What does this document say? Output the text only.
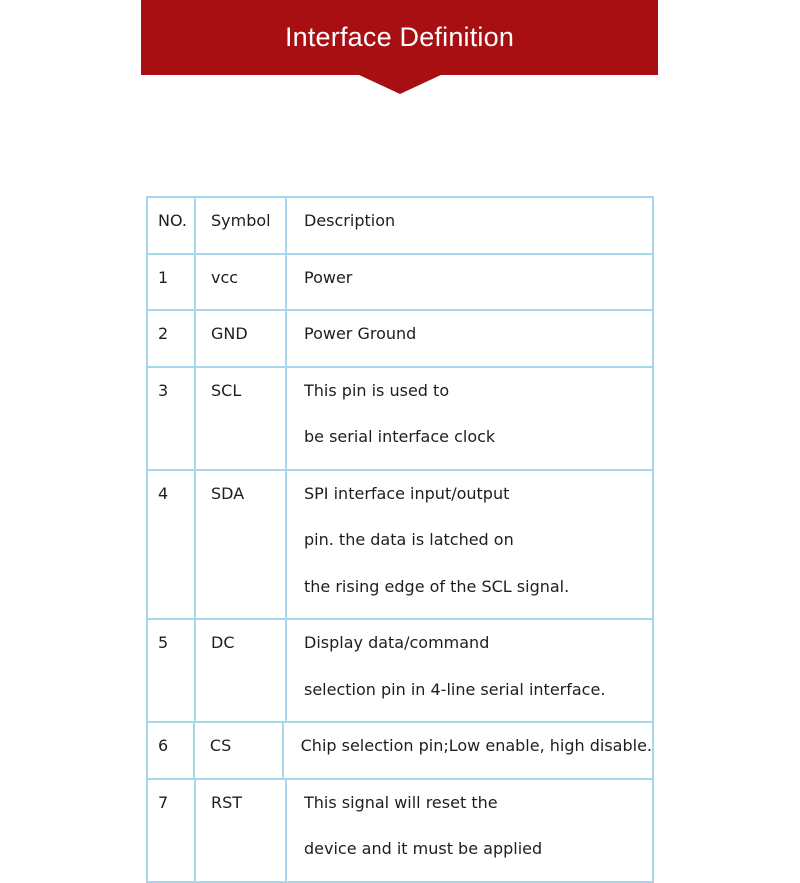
Interface Definition
NO.	Symbol	Description
1	vcc	Power
2	GND	Power Ground
3	SCL	This pin is used to
be serial interface clock
4	SDA	SPI interface input/output
pin. the data is latched on
the rising edge of the SCL signal.
5	DC	Display data/command
selection pin in 4-line serial interface.
6	CS	Chip selection pin;Low enable, high disable.
7	RST	This signal will reset the
device and it must be applied
